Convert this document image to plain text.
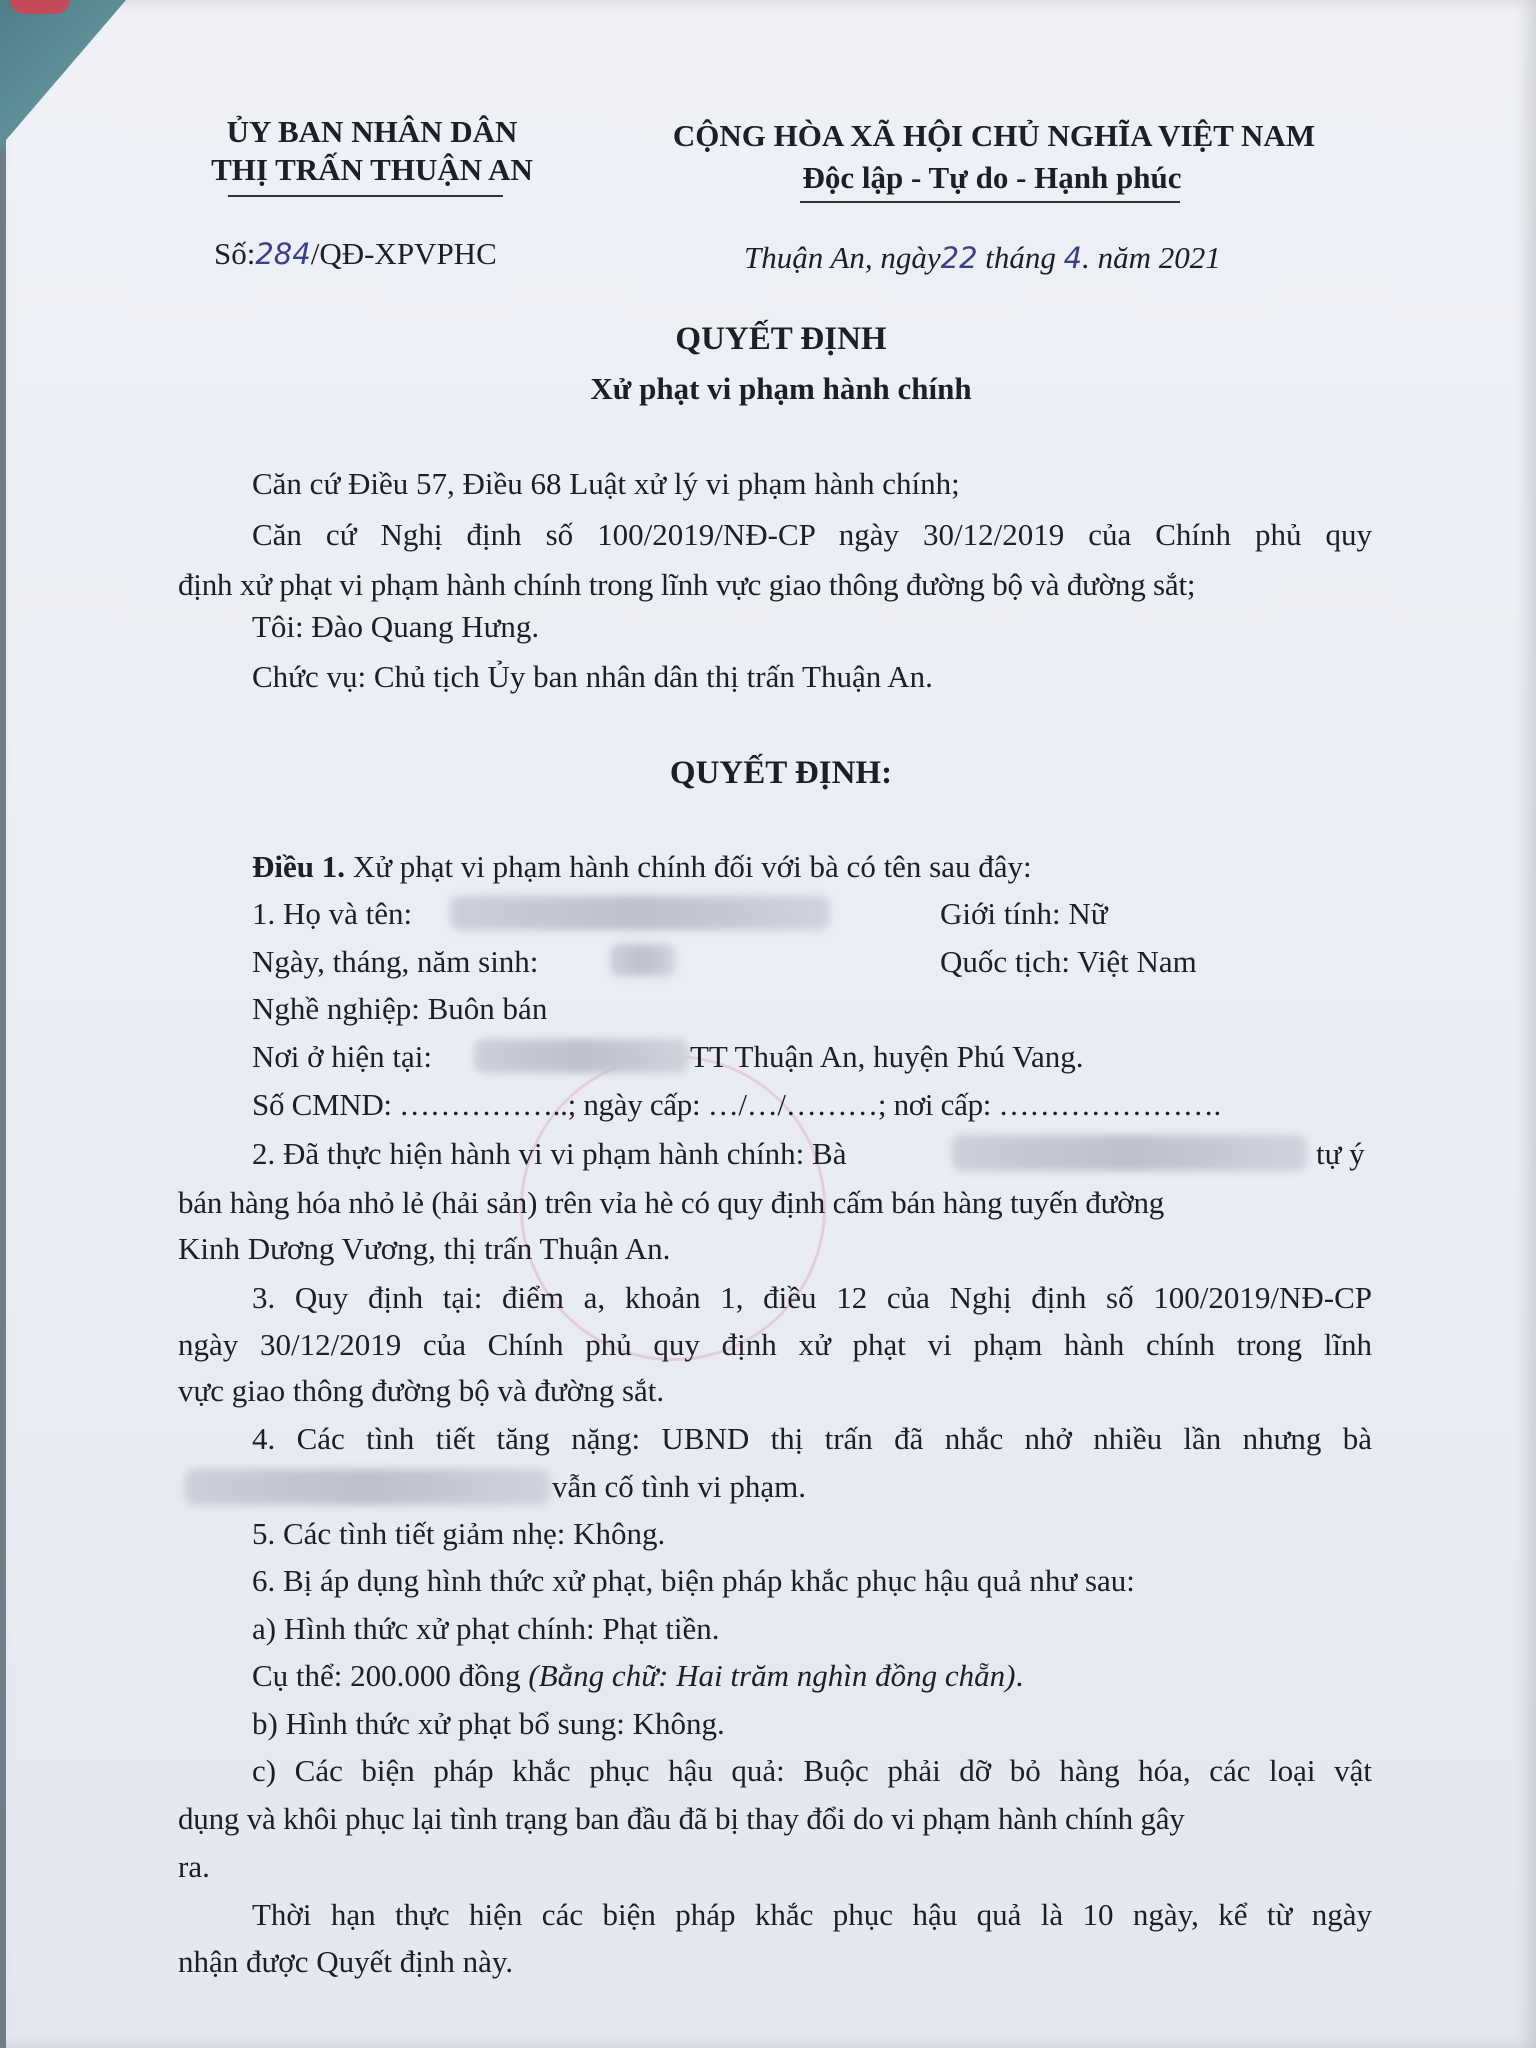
ỦY BAN NHÂN DÂN
THỊ TRẤN THUẬN AN
CỘNG HÒA XÃ HỘI CHỦ NGHĨA VIỆT NAM
Độc lập - Tự do - Hạnh phúc
Số:284/QĐ-XPVPHC	Thuận An, ngày22 tháng 4. năm 2021
QUYẾT ĐỊNH
Xử phạt vi phạm hành chính
Căn cứ Điều 57, Điều 68 Luật xử lý vi phạm hành chính;
Căn cứ Nghị định số 100/2019/NĐ-CP ngày 30/12/2019 của Chính phủ quy
định xử phạt vi phạm hành chính trong lĩnh vực giao thông đường bộ và đường sắt;
Tôi: Đào Quang Hưng.
Chức vụ: Chủ tịch Ủy ban nhân dân thị trấn Thuận An.
QUYẾT ĐỊNH:
Điều 1. Xử phạt vi phạm hành chính đối với bà có tên sau đây:
1. Họ và tên:	Giới tính: Nữ
Ngày, tháng, năm sinh:	Quốc tịch: Việt Nam
Nghề nghiệp: Buôn bán
Nơi ở hiện tại:	TT Thuận An, huyện Phú Vang.
Số CMND: ……………..; ngày cấp: …/…/………; nơi cấp: ………………….
2. Đã thực hiện hành vi vi phạm hành chính: Bà	tự ý
bán hàng hóa nhỏ lẻ (hải sản) trên vỉa hè có quy định cấm bán hàng tuyến đường
Kinh Dương Vương, thị trấn Thuận An.
3. Quy định tại: điểm a, khoản 1, điều 12 của Nghị định số 100/2019/NĐ-CP
ngày 30/12/2019 của Chính phủ quy định xử phạt vi phạm hành chính trong lĩnh
vực giao thông đường bộ và đường sắt.
4. Các tình tiết tăng nặng: UBND thị trấn đã nhắc nhở nhiều lần nhưng bà
vẫn cố tình vi phạm.
5. Các tình tiết giảm nhẹ: Không.
6. Bị áp dụng hình thức xử phạt, biện pháp khắc phục hậu quả như sau:
a) Hình thức xử phạt chính: Phạt tiền.
Cụ thể: 200.000 đồng (Bằng chữ: Hai trăm nghìn đồng chẵn).
b) Hình thức xử phạt bổ sung: Không.
c) Các biện pháp khắc phục hậu quả: Buộc phải dỡ bỏ hàng hóa, các loại vật
dụng và khôi phục lại tình trạng ban đầu đã bị thay đổi do vi phạm hành chính gây
ra.
Thời hạn thực hiện các biện pháp khắc phục hậu quả là 10 ngày, kể từ ngày
nhận được Quyết định này.
